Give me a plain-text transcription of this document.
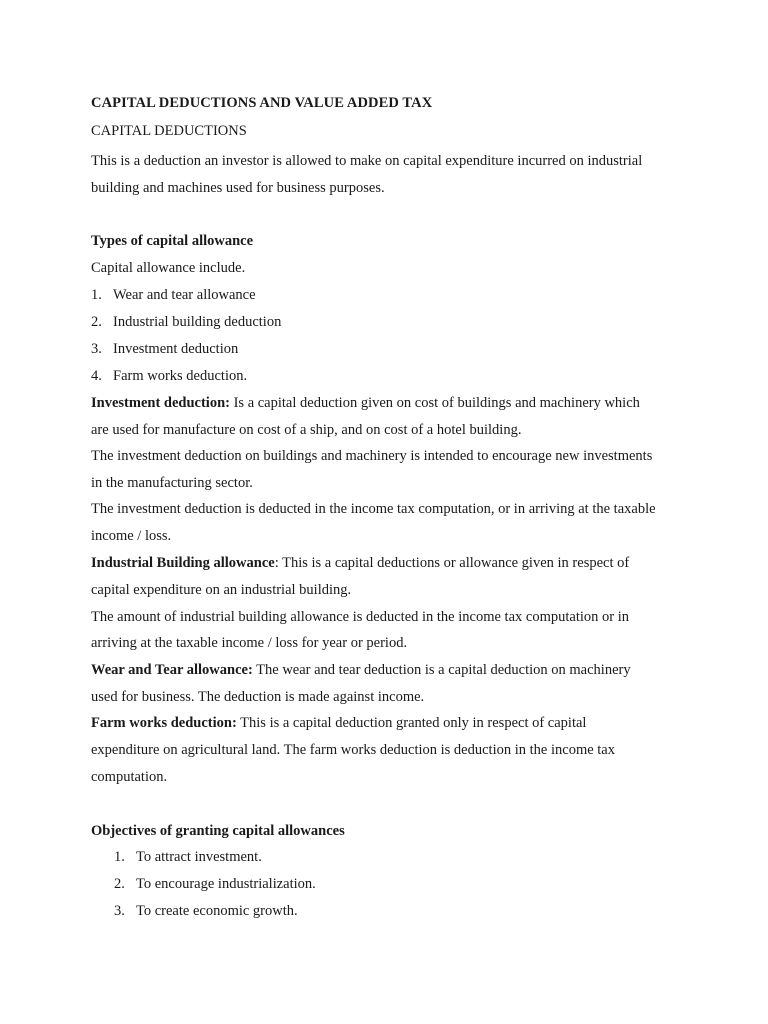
CAPITAL DEDUCTIONS AND VALUE ADDED TAX
CAPITAL DEDUCTIONS
This is a deduction an investor is allowed to make on capital expenditure incurred on industrial
building and machines used for business purposes.
Types of capital allowance
Capital allowance include.
1. Wear and tear allowance
2. Industrial building deduction
3. Investment deduction
4. Farm works deduction.
Investment deduction: Is a capital deduction given on cost of buildings and machinery which
are used for manufacture on cost of a ship, and on cost of a hotel building.
The investment deduction on buildings and machinery is intended to encourage new investments
in the manufacturing sector.
The investment deduction is deducted in the income tax computation, or in arriving at the taxable
income / loss.
Industrial Building allowance: This is a capital deductions or allowance given in respect of
capital expenditure on an industrial building.
The amount of industrial building allowance is deducted in the income tax computation or in
arriving at the taxable income / loss for year or period.
Wear and Tear allowance: The wear and tear deduction is a capital deduction on machinery
used for business. The deduction is made against income.
Farm works deduction: This is a capital deduction granted only in respect of capital
expenditure on agricultural land. The farm works deduction is deduction in the income tax
computation.
Objectives of granting capital allowances
1. To attract investment.
2. To encourage industrialization.
3. To create economic growth.
